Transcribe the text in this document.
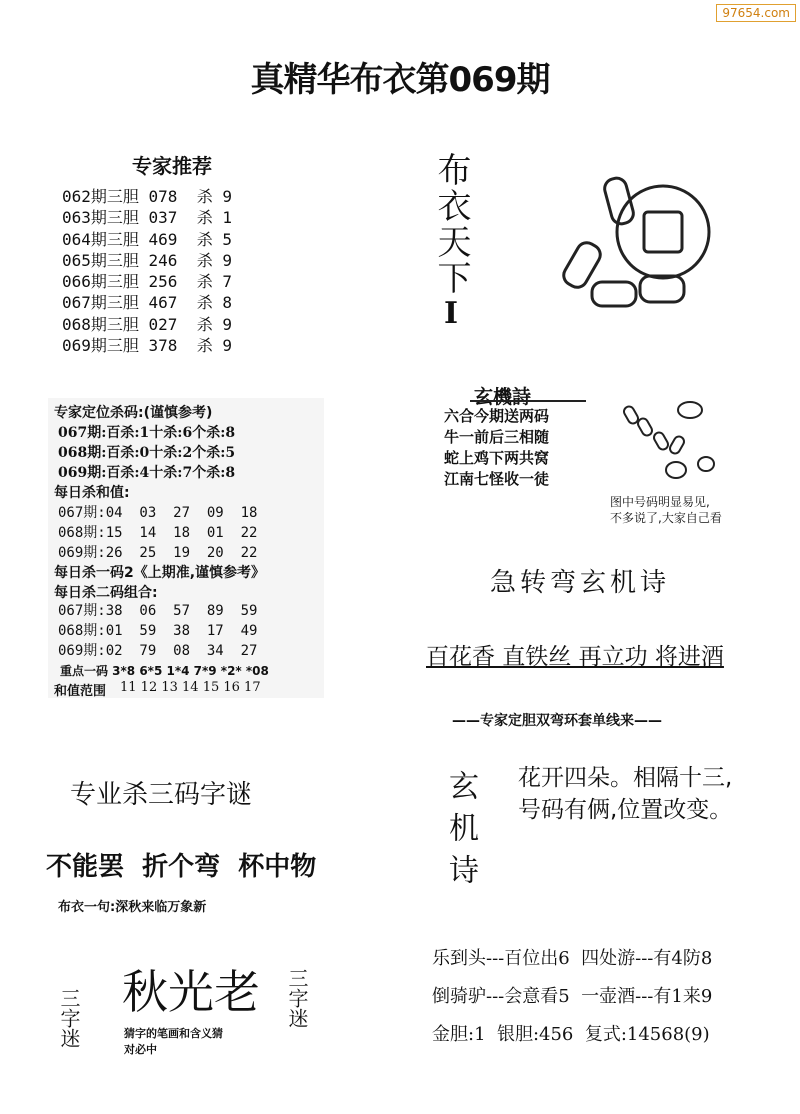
97654.com
真精华布衣第069期
专家推荐
062期三胆 078  杀 9
063期三胆 037  杀 1
064期三胆 469  杀 5
065期三胆 246  杀 9
066期三胆 256  杀 7
067期三胆 467  杀 8
068期三胆 027  杀 9
069期三胆 378  杀 9
布衣天下
I
专家定位杀码:(谨慎参考)
067期:百杀:1十杀:6个杀:8
068期:百杀:0十杀:2个杀:5
069期:百杀:4十杀:7个杀:8
每日杀和值:
067期:04  03  27  09  18
068期:15  14  18  01  22
069期:26  25  19  20  22
每日杀一码2《上期准,谨慎参考》
每日杀二码组合:
067期:38  06  57  89  59
068期:01  59  38  17  49
069期:02  79  08  34  27
重点一码 3*8 6*5 1*4 7*9 *2* *08
和值范围 11 12 13 14 15 16 17
玄機詩
六合今期送两码
牛一前后三相随
蛇上鸡下两共窝
江南七怪收一徒
图中号码明显易见,
不多说了,大家自己看
急转弯玄机诗
百花香 直铁丝 再立功 将进酒
——专家定胆双弯环套单线来——
玄机诗 花开四朵。相隔十三,
号码有俩,位置改变。
乐到头---百位出6  四处游---有4防8
倒骑驴---会意看5  一壶酒---有1来9
金胆:1  银胆:456  复式:14568(9)
专业杀三码字谜
不能罢  折个弯  杯中物
布衣一句:深秋来临万象新
秋光老
三字迷	三字迷
猜字的笔画和含义猜
对必中
